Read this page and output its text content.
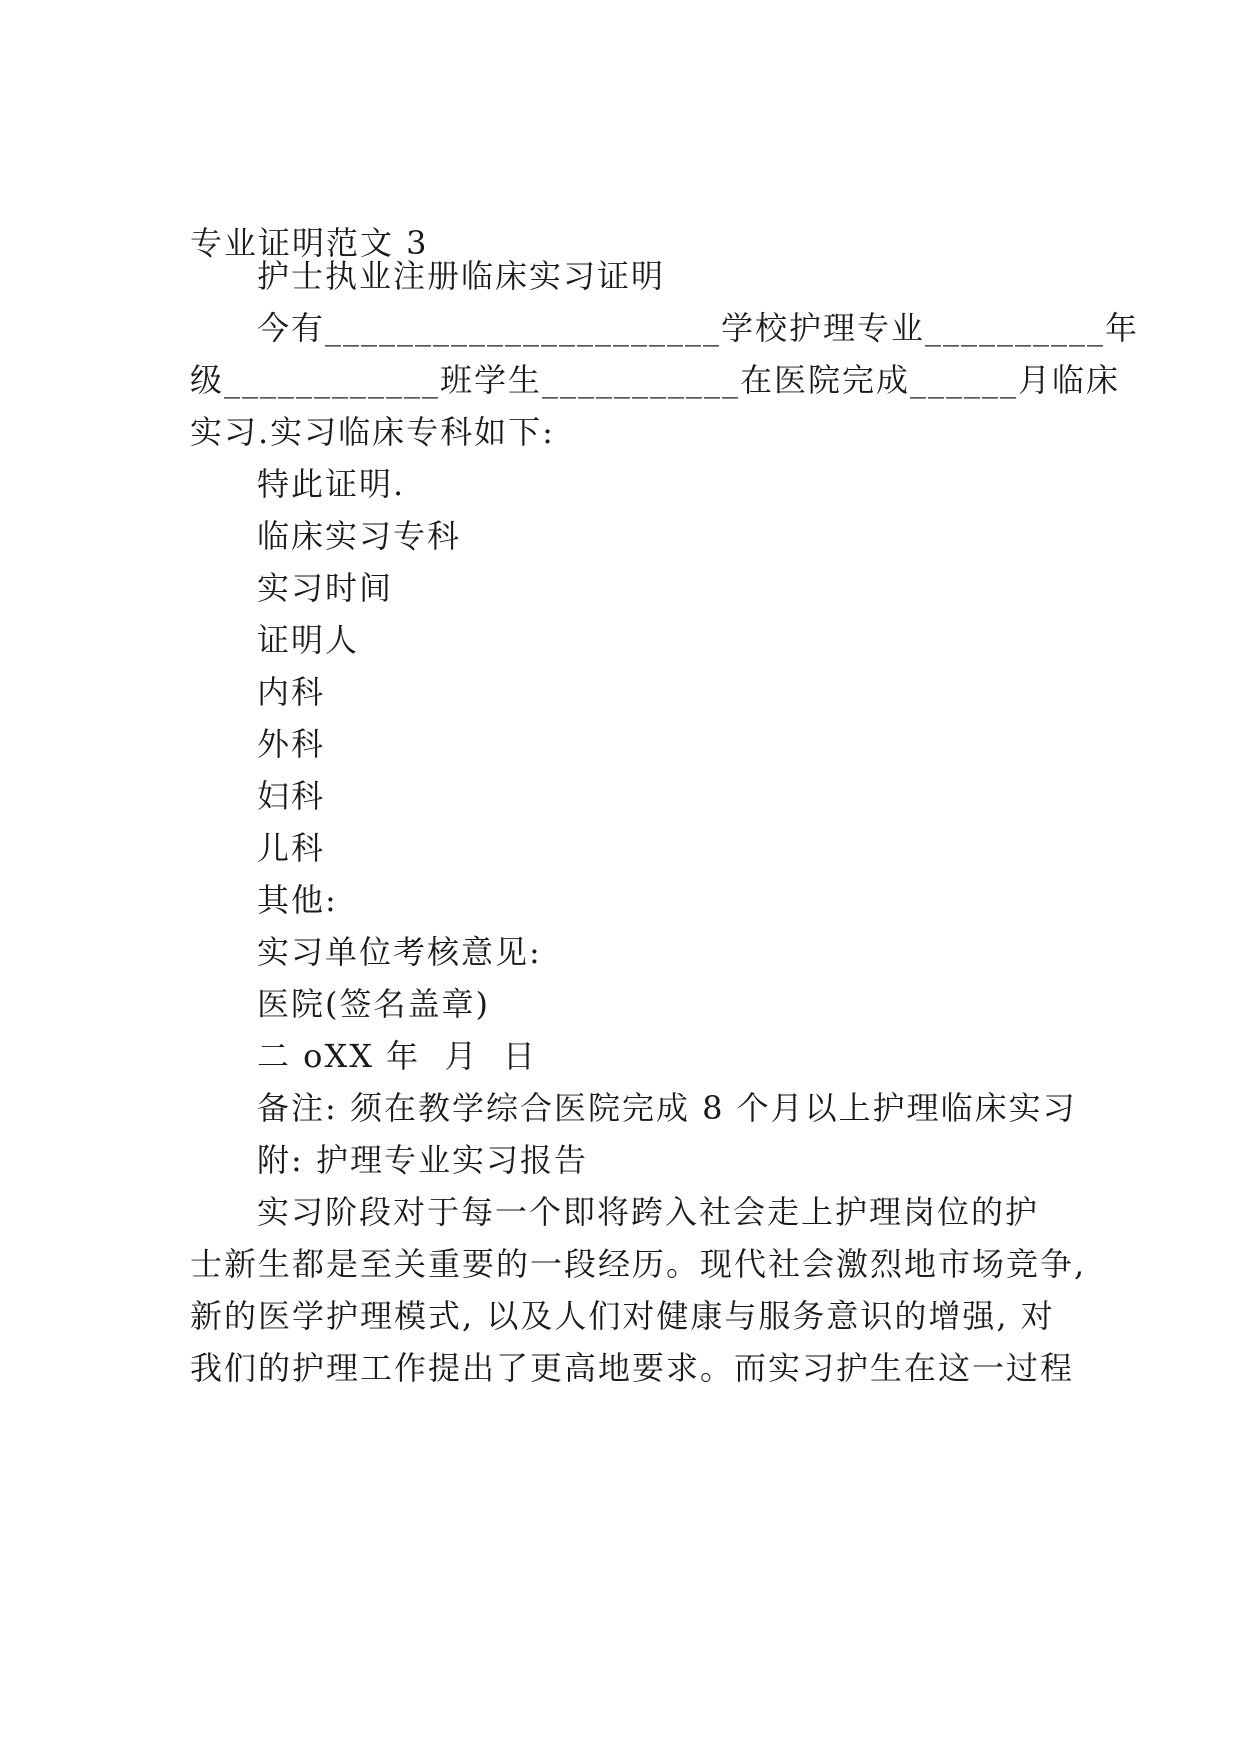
专业证明范文 3
护士执业注册临床实习证明
今有______________________学校护理专业__________年
级____________班学生___________在医院完成______月临床
实习.实习临床专科如下:
特此证明.
临床实习专科
实习时间
证明人
内科
外科
妇科
儿科
其他:
实习单位考核意见:
医院(签名盖章)
二 oXX 年  月  日
备注: 须在教学综合医院完成 8 个月以上护理临床实习
附: 护理专业实习报告
实习阶段对于每一个即将跨入社会走上护理岗位的护
士新生都是至关重要的一段经历。现代社会激烈地市场竞争,
新的医学护理模式, 以及人们对健康与服务意识的增强, 对
我们的护理工作提出了更高地要求。而实习护生在这一过程
